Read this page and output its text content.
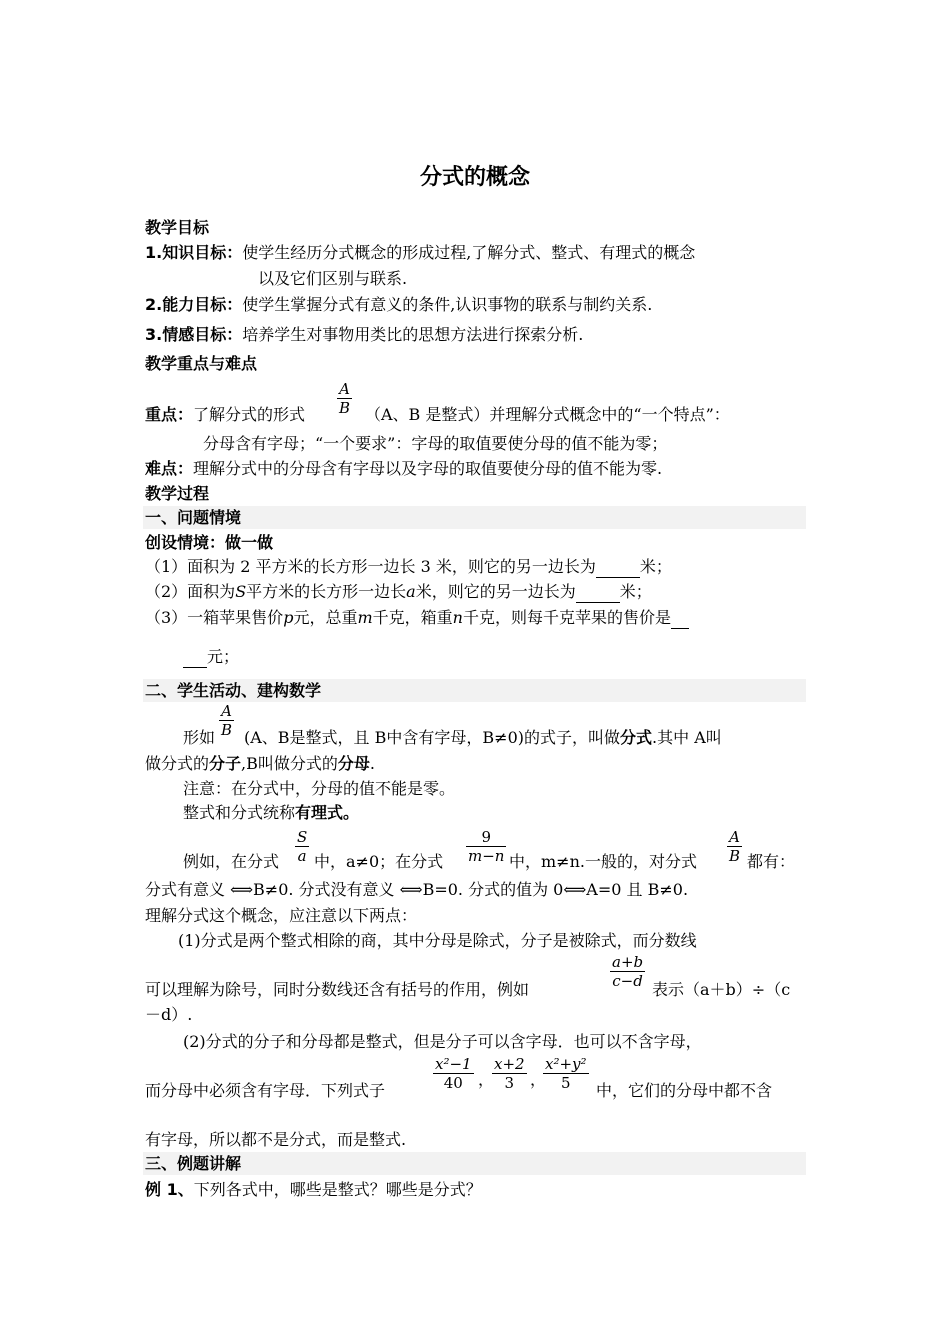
分式的概念
教学目标
1.知识目标：使学生经历分式概念的形成过程,了解分式、整式、有理式的概念
以及它们区别与联系.
2.能力目标：使学生掌握分式有意义的条件,认识事物的联系与制约关系.
3.情感目标：培养学生对事物用类比的思想方法进行探索分析.
教学重点与难点
A
B
重点：了解分式的形式	（A、B 是整式）并理解分式概念中的“一个特点”：
分母含有字母；“一个要求”：字母的取值要使分母的值不能为零；
难点：理解分式中的分母含有字母以及字母的取值要使分母的值不能为零.
教学过程
一、问题情境
创设情境：做一做
（1）面积为 2 平方米的长方形一边长 3 米，则它的另一边长为	米；
（2）面积为S平方米的长方形一边长a米，则它的另一边长为	米；
（3）一箱苹果售价p元，总重m千克，箱重n千克，则每千克苹果的售价是
元；
二、学生活动、建构数学
A
B
形如 (A、B是整式，且 B中含有字母，B≠0)的式子，叫做分式.其中 A叫
做分式的分子,B叫做分式的分母.
注意：在分式中，分母的值不能是零。
整式和分式统称有理式。
S
a
9
m−n
A
B
例如，在分式 中，a≠0；在分式	中，m≠n.一般的，对分式	都有：
分式有意义 ⟺B≠0. 分式没有意义 ⟺B=0. 分式的值为 0⟺A=0 且 B≠0.
理解分式这个概念，应注意以下两点：
(1)分式是两个整式相除的商，其中分母是除式，分子是被除式，而分数线
a+b
c−d
可以理解为除号，同时分数线还含有括号的作用，例如	表示（a＋b）÷（c
－d）.
(2)分式的分子和分母都是整式，但是分子可以含字母．也可以不含字母，
x²−1
40
x+2
3
x²+y²
5
， ，
而分母中必须含有字母．下列式子	中，它们的分母中都不含
有字母，所以都不是分式，而是整式.
三、例题讲解
例 1、下列各式中，哪些是整式？哪些是分式？
